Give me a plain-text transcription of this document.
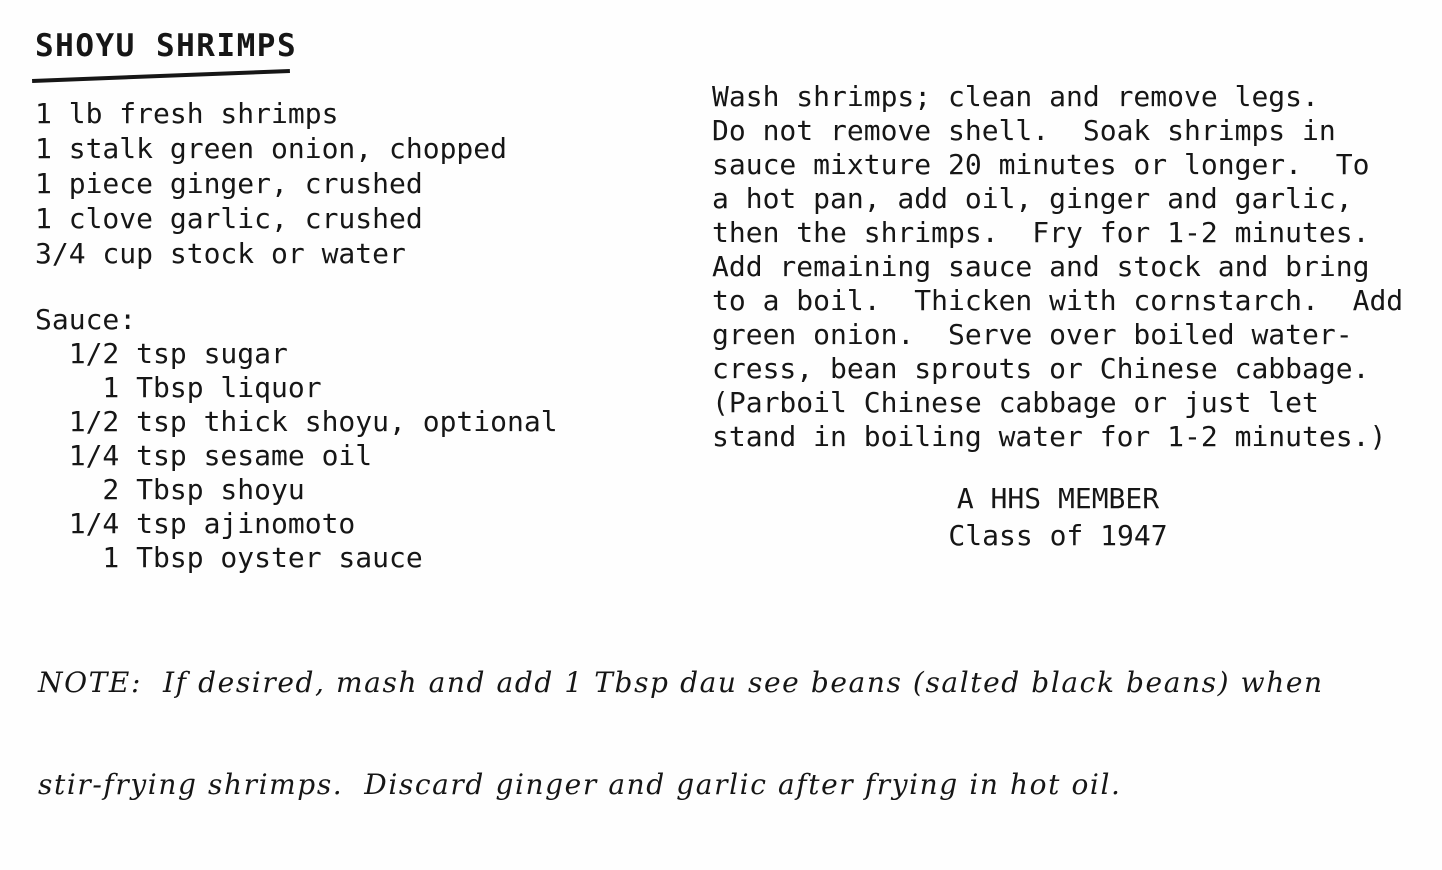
SHOYU SHRIMPS
1 lb fresh shrimps
1 stalk green onion, chopped
1 piece ginger, crushed
1 clove garlic, crushed
3/4 cup stock or water
Sauce:
1/2 tsp sugar
1 Tbsp liquor
1/2 tsp thick shoyu, optional
1/4 tsp sesame oil
2 Tbsp shoyu
1/4 tsp ajinomoto
1 Tbsp oyster sauce
Wash shrimps; clean and remove legs.
Do not remove shell.  Soak shrimps in
sauce mixture 20 minutes or longer.  To
a hot pan, add oil, ginger and garlic,
then the shrimps.  Fry for 1-2 minutes.
Add remaining sauce and stock and bring
to a boil.  Thicken with cornstarch.  Add
green onion.  Serve over boiled water-
cress, bean sprouts or Chinese cabbage.
(Parboil Chinese cabbage or just let
stand in boiling water for 1-2 minutes.)
A HHS MEMBER
Class of 1947

NOTE:  If desired, mash and add 1 Tbsp dau see beans (salted black beans) when

stir-frying shrimps.  Discard ginger and garlic after frying in hot oil.
